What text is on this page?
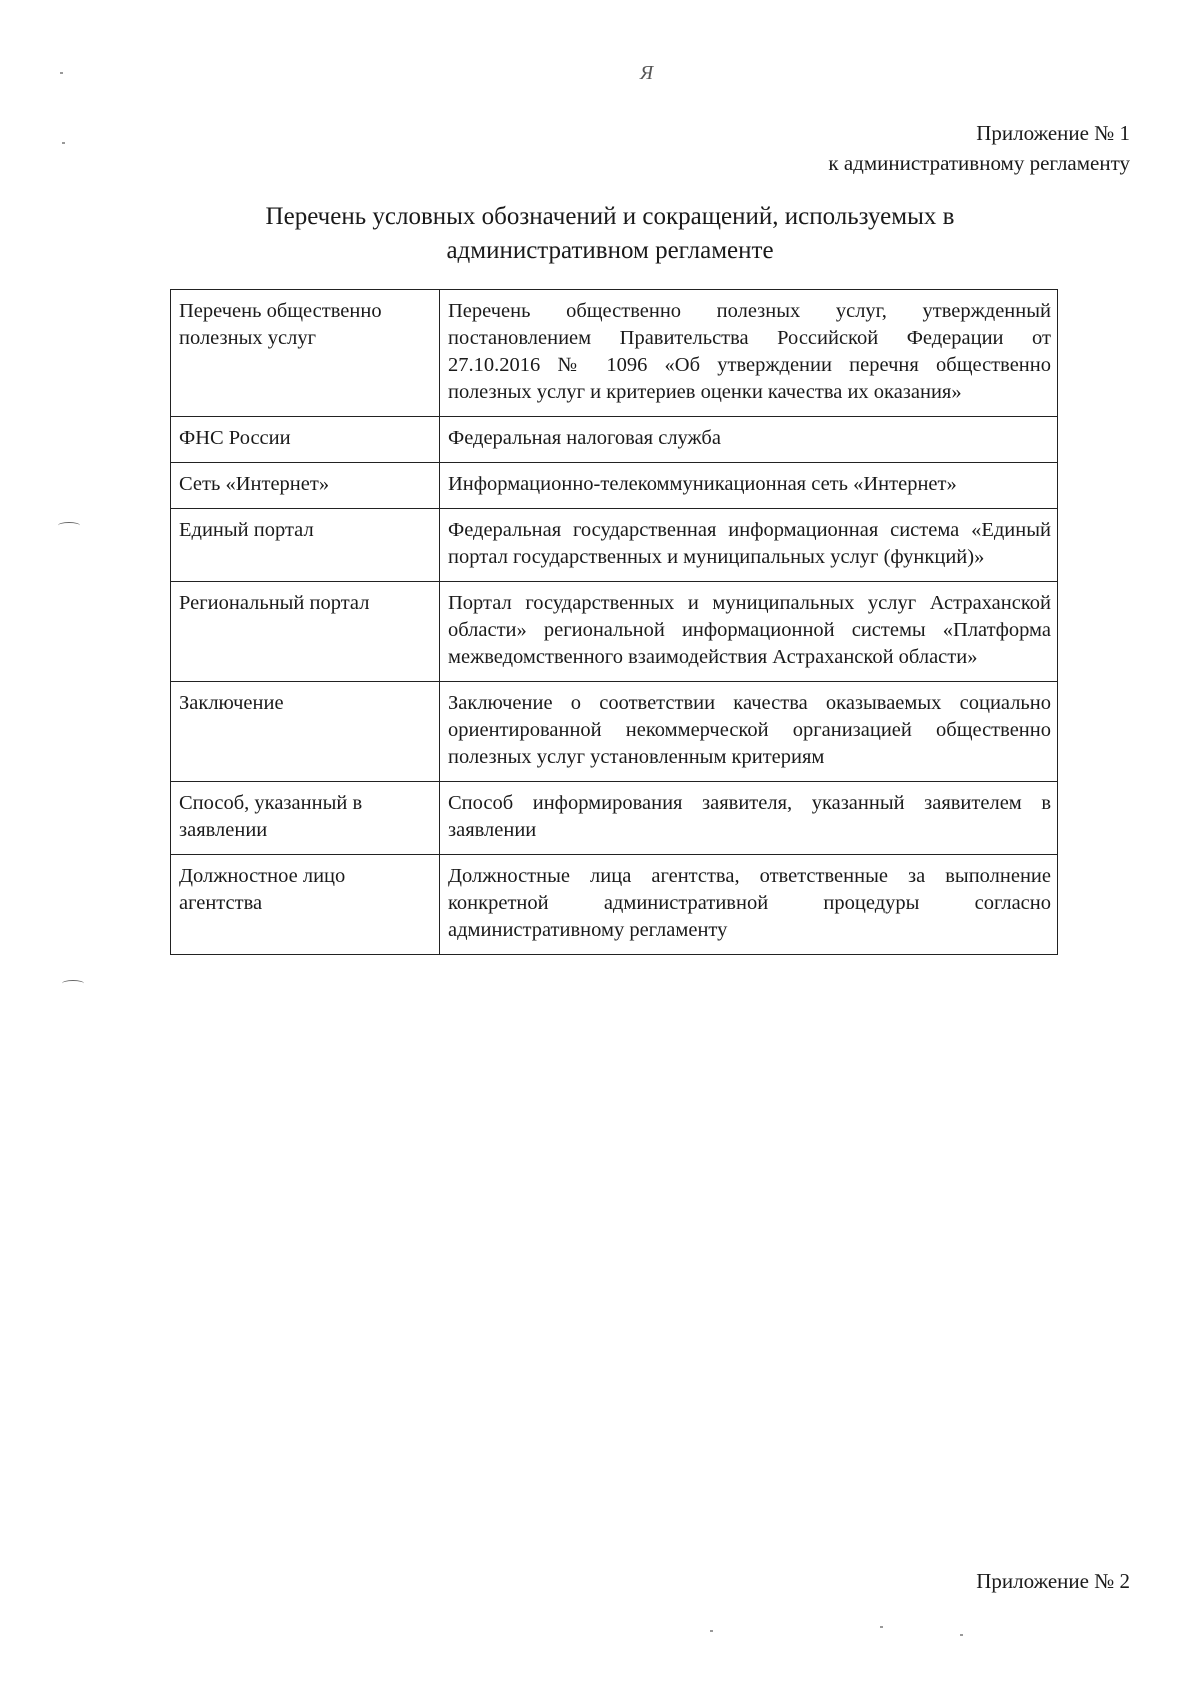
Я
Приложение № 1
к административному регламенту
Перечень условных обозначений и сокращений, используемых в
административном регламенте
Перечень общественно полезных услуг	Перечень общественно полезных услуг, утвержденный постановлением Правительства Российской Федерации от 27.10.2016 № 1096 «Об утверждении перечня общественно полезных услуг и критериев оценки качества их оказания»
ФНС России	Федеральная налоговая служба
Сеть «Интернет»	Информационно-телекоммуникационная сеть «Интернет»
Единый портал	Федеральная государственная информационная система «Единый портал государственных и муниципальных услуг (функций)»
Региональный портал	Портал государственных и муниципальных услуг Астраханской области» региональной информационной системы «Платформа межведомственного взаимодействия Астраханской области»
Заключение	Заключение о соответствии качества оказываемых социально ориентированной некоммерческой организацией общественно полезных услуг установленным критериям
Способ, указанный в заявлении	Способ информирования заявителя, указанный заявителем в заявлении
Должностное лицо агентства	Должностные лица агентства, ответственные за выполнение конкретной административной процедуры согласно административному регламенту
Приложение № 2
